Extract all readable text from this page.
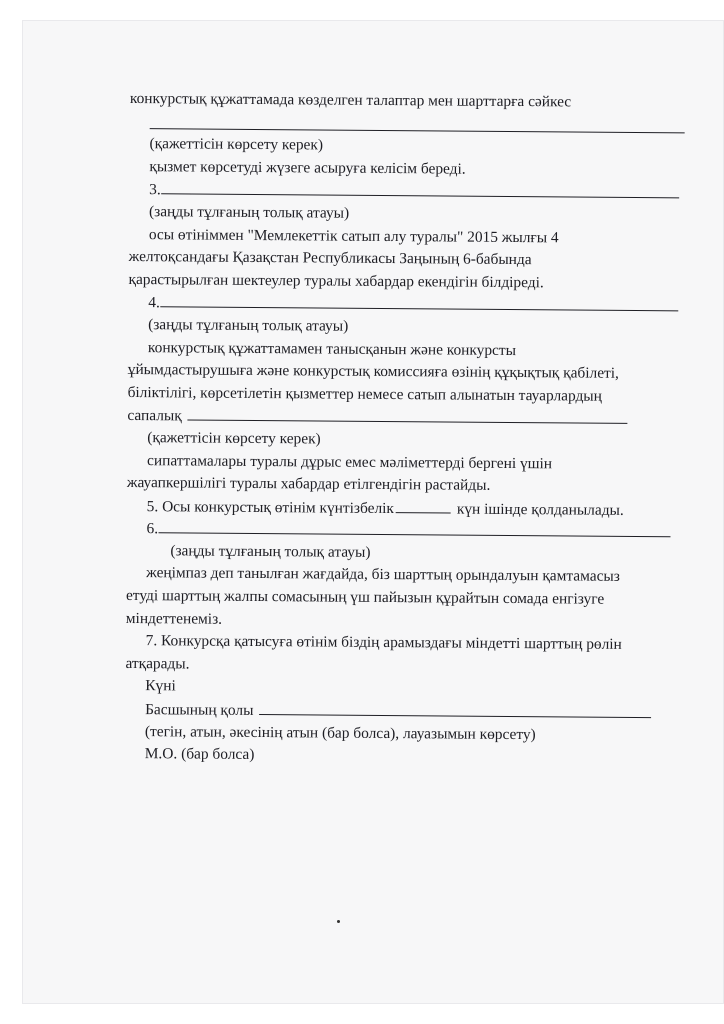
конкурстық құжаттамада көзделген талаптар мен шарттарға сәйкес
(қажеттісін көрсету керек)
қызмет көрсетуді жүзеге асыруға келісім береді.
3.
(заңды тұлғаның толық атауы)
осы өтініммен "Мемлекеттік сатып алу туралы" 2015 жылғы 4
желтоқсандағы Қазақстан Республикасы Заңының 6-бабында
қарастырылған шектеулер туралы хабардар екендігін білдіреді.
4.
(заңды тұлғаның толық атауы)
конкурстық құжаттамамен танысқанын және конкурсты
ұйымдастырушыға және конкурстық комиссияға өзінің құқықтық қабілеті,
біліктілігі, көрсетілетін қызметтер немесе сатып алынатын тауарлардың
сапалық
(қажеттісін көрсету керек)
сипаттамалары туралы дұрыс емес мәліметтерді бергені үшін
жауапкершілігі туралы хабардар етілгендігін растайды.
5. Осы конкурстық өтінім күнтізбелік	күн ішінде қолданылады.
6.
(заңды тұлғаның толық атауы)
жеңімпаз деп танылған жағдайда, біз шарттың орындалуын қамтамасыз
етуді шарттың жалпы сомасының үш пайызын құрайтын сомада енгізуге
міндеттенеміз.
7. Конкурсқа қатысуға өтінім біздің арамыздағы міндетті шарттың рөлін
атқарады.
Күні
Басшының қолы
(тегін, атын, әкесінің атын (бар болса), лауазымын көрсету)
М.О. (бар болса)
